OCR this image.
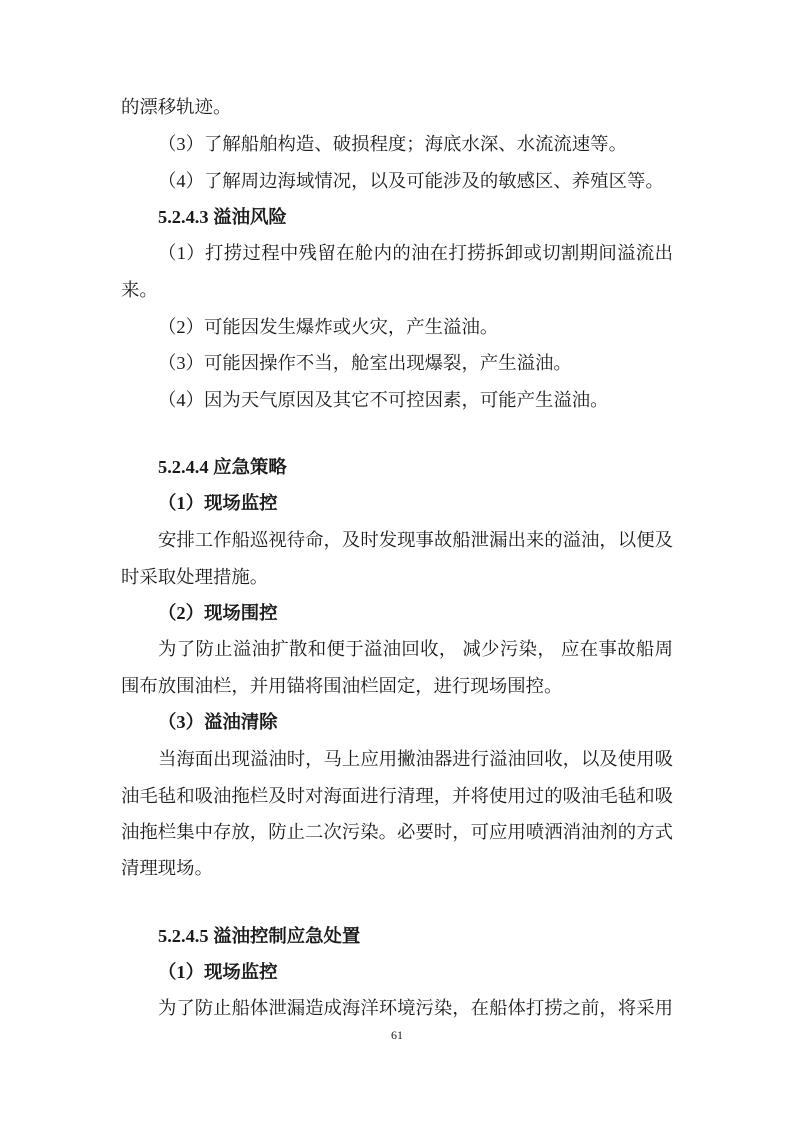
的漂移轨迹。
（3）了解船舶构造、破损程度；海底水深、水流流速等。
（4）了解周边海域情况，以及可能涉及的敏感区、养殖区等。
5.2.4.3 溢油风险
（1）打捞过程中残留在舱内的油在打捞拆卸或切割期间溢流出
来。
（2）可能因发生爆炸或火灾，产生溢油。
（3）可能因操作不当，舱室出现爆裂，产生溢油。
（4）因为天气原因及其它不可控因素，可能产生溢油。
5.2.4.4 应急策略
（1）现场监控
安排工作船巡视待命，及时发现事故船泄漏出来的溢油，以便及
时采取处理措施。
（2）现场围控
为了防止溢油扩散和便于溢油回收， 减少污染， 应在事故船周
围布放围油栏，并用锚将围油栏固定，进行现场围控。
（3）溢油清除
当海面出现溢油时，马上应用撇油器进行溢油回收，以及使用吸
油毛毡和吸油拖栏及时对海面进行清理，并将使用过的吸油毛毡和吸
油拖栏集中存放，防止二次污染。必要时，可应用喷洒消油剂的方式
清理现场。
5.2.4.5 溢油控制应急处置
（1）现场监控
为了防止船体泄漏造成海洋环境污染，在船体打捞之前，将采用
61
